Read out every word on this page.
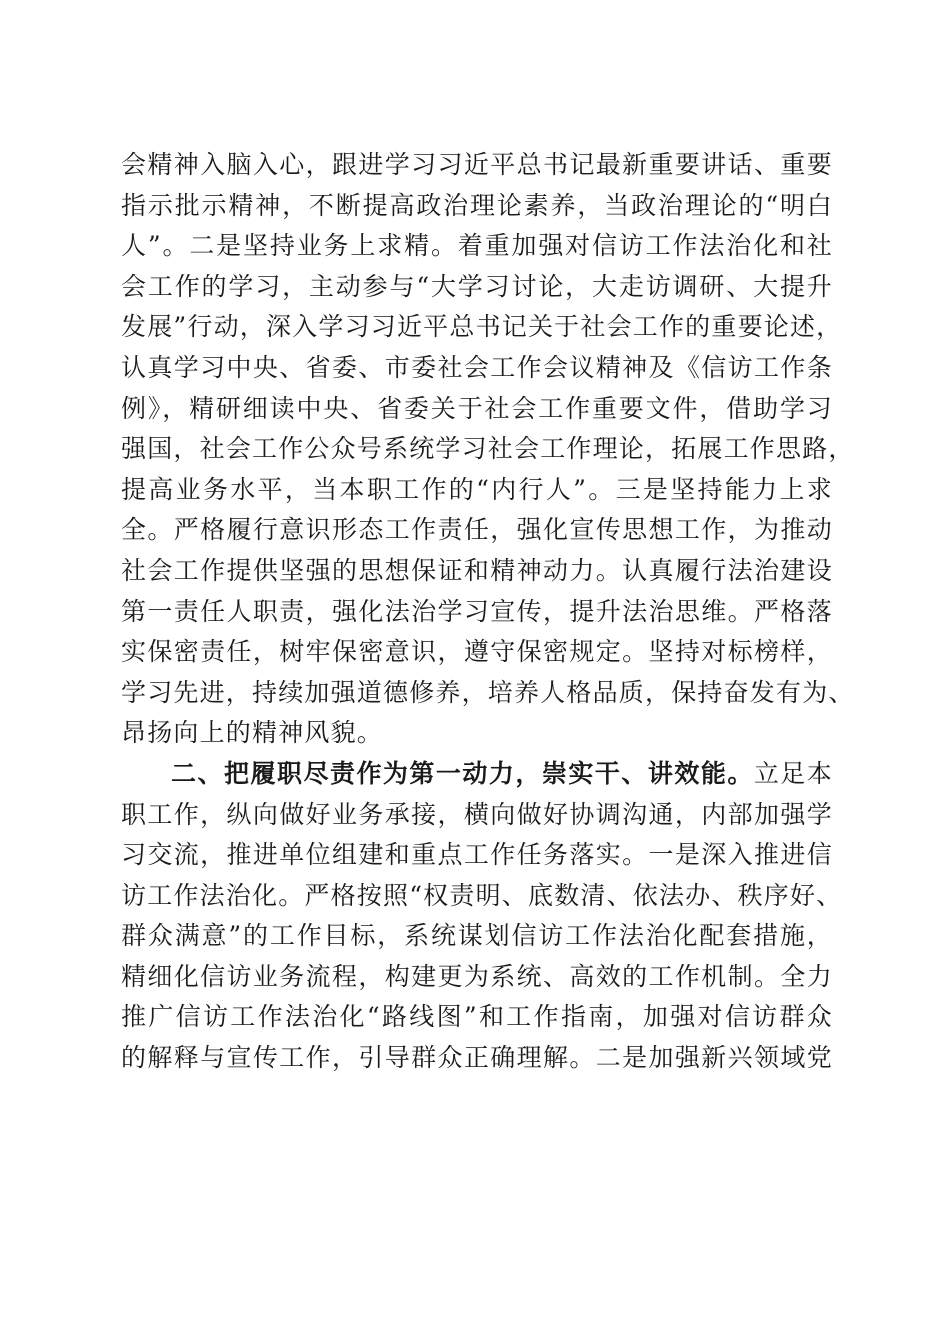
会精神入脑入心，跟进学习习近平总书记最新重要讲话、重要
指示批示精神，不断提高政治理论素养，当政治理论的“明白
人”。二是坚持业务上求精。着重加强对信访工作法治化和社
会工作的学习，主动参与“大学习讨论，大走访调研、大提升
发展”行动，深入学习习近平总书记关于社会工作的重要论述，
认真学习中央、省委、市委社会工作会议精神及《信访工作条
例》，精研细读中央、省委关于社会工作重要文件，借助学习
强国，社会工作公众号系统学习社会工作理论，拓展工作思路，
提高业务水平，当本职工作的“内行人”。三是坚持能力上求
全。严格履行意识形态工作责任，强化宣传思想工作，为推动
社会工作提供坚强的思想保证和精神动力。认真履行法治建设
第一责任人职责，强化法治学习宣传，提升法治思维。严格落
实保密责任，树牢保密意识，遵守保密规定。坚持对标榜样，
学习先进，持续加强道德修养，培养人格品质，保持奋发有为、
昂扬向上的精神风貌。
二、把履职尽责作为第一动力，崇实干、讲效能。立足本
职工作，纵向做好业务承接，横向做好协调沟通，内部加强学
习交流，推进单位组建和重点工作任务落实。一是深入推进信
访工作法治化。严格按照“权责明、底数清、依法办、秩序好、
群众满意”的工作目标，系统谋划信访工作法治化配套措施，
精细化信访业务流程，构建更为系统、高效的工作机制。全力
推广信访工作法治化“路线图”和工作指南，加强对信访群众
的解释与宣传工作，引导群众正确理解。二是加强新兴领域党
